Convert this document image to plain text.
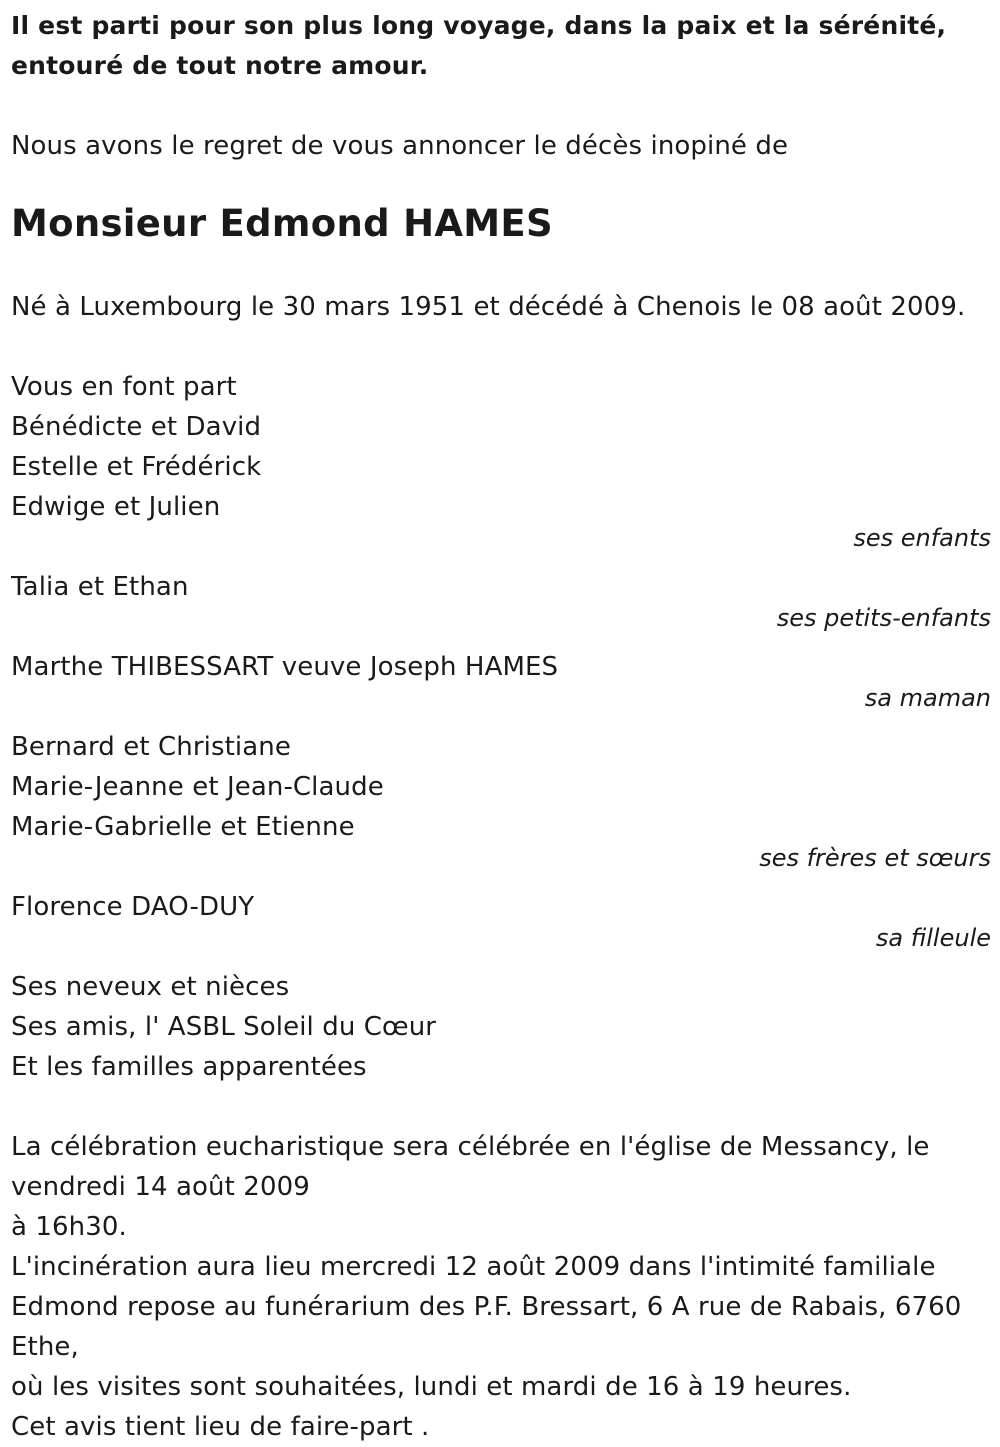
Il est parti pour son plus long voyage, dans la paix et la sérénité, entouré de tout notre amour.

Nous avons le regret de vous annoncer le décès inopiné de

Monsieur Edmond HAMES

Né à Luxembourg le 30 mars 1951 et décédé à Chenois le 08 août 2009.

Vous en font part

Bénédicte et David

Estelle et Frédérick

Edwige et Julien

ses enfants

Talia et Ethan

ses petits-enfants

Marthe THIBESSART veuve Joseph HAMES

sa maman

Bernard et Christiane

Marie-Jeanne et Jean-Claude

Marie-Gabrielle et Etienne

ses frères et sœurs

Florence DAO-DUY

sa filleule

Ses neveux et nièces

Ses amis, l' ASBL Soleil du Cœur

Et les familles apparentées

La célébration eucharistique sera célébrée en l'église de Messancy, le vendredi 14 août 2009

à 16h30.

L'incinération aura lieu mercredi 12 août 2009 dans l'intimité familiale

Edmond repose au funérarium des P.F. Bressart, 6 A rue de Rabais, 6760 Ethe,

où les visites sont souhaitées, lundi et mardi de 16 à 19 heures.

Cet avis tient lieu de faire-part .
